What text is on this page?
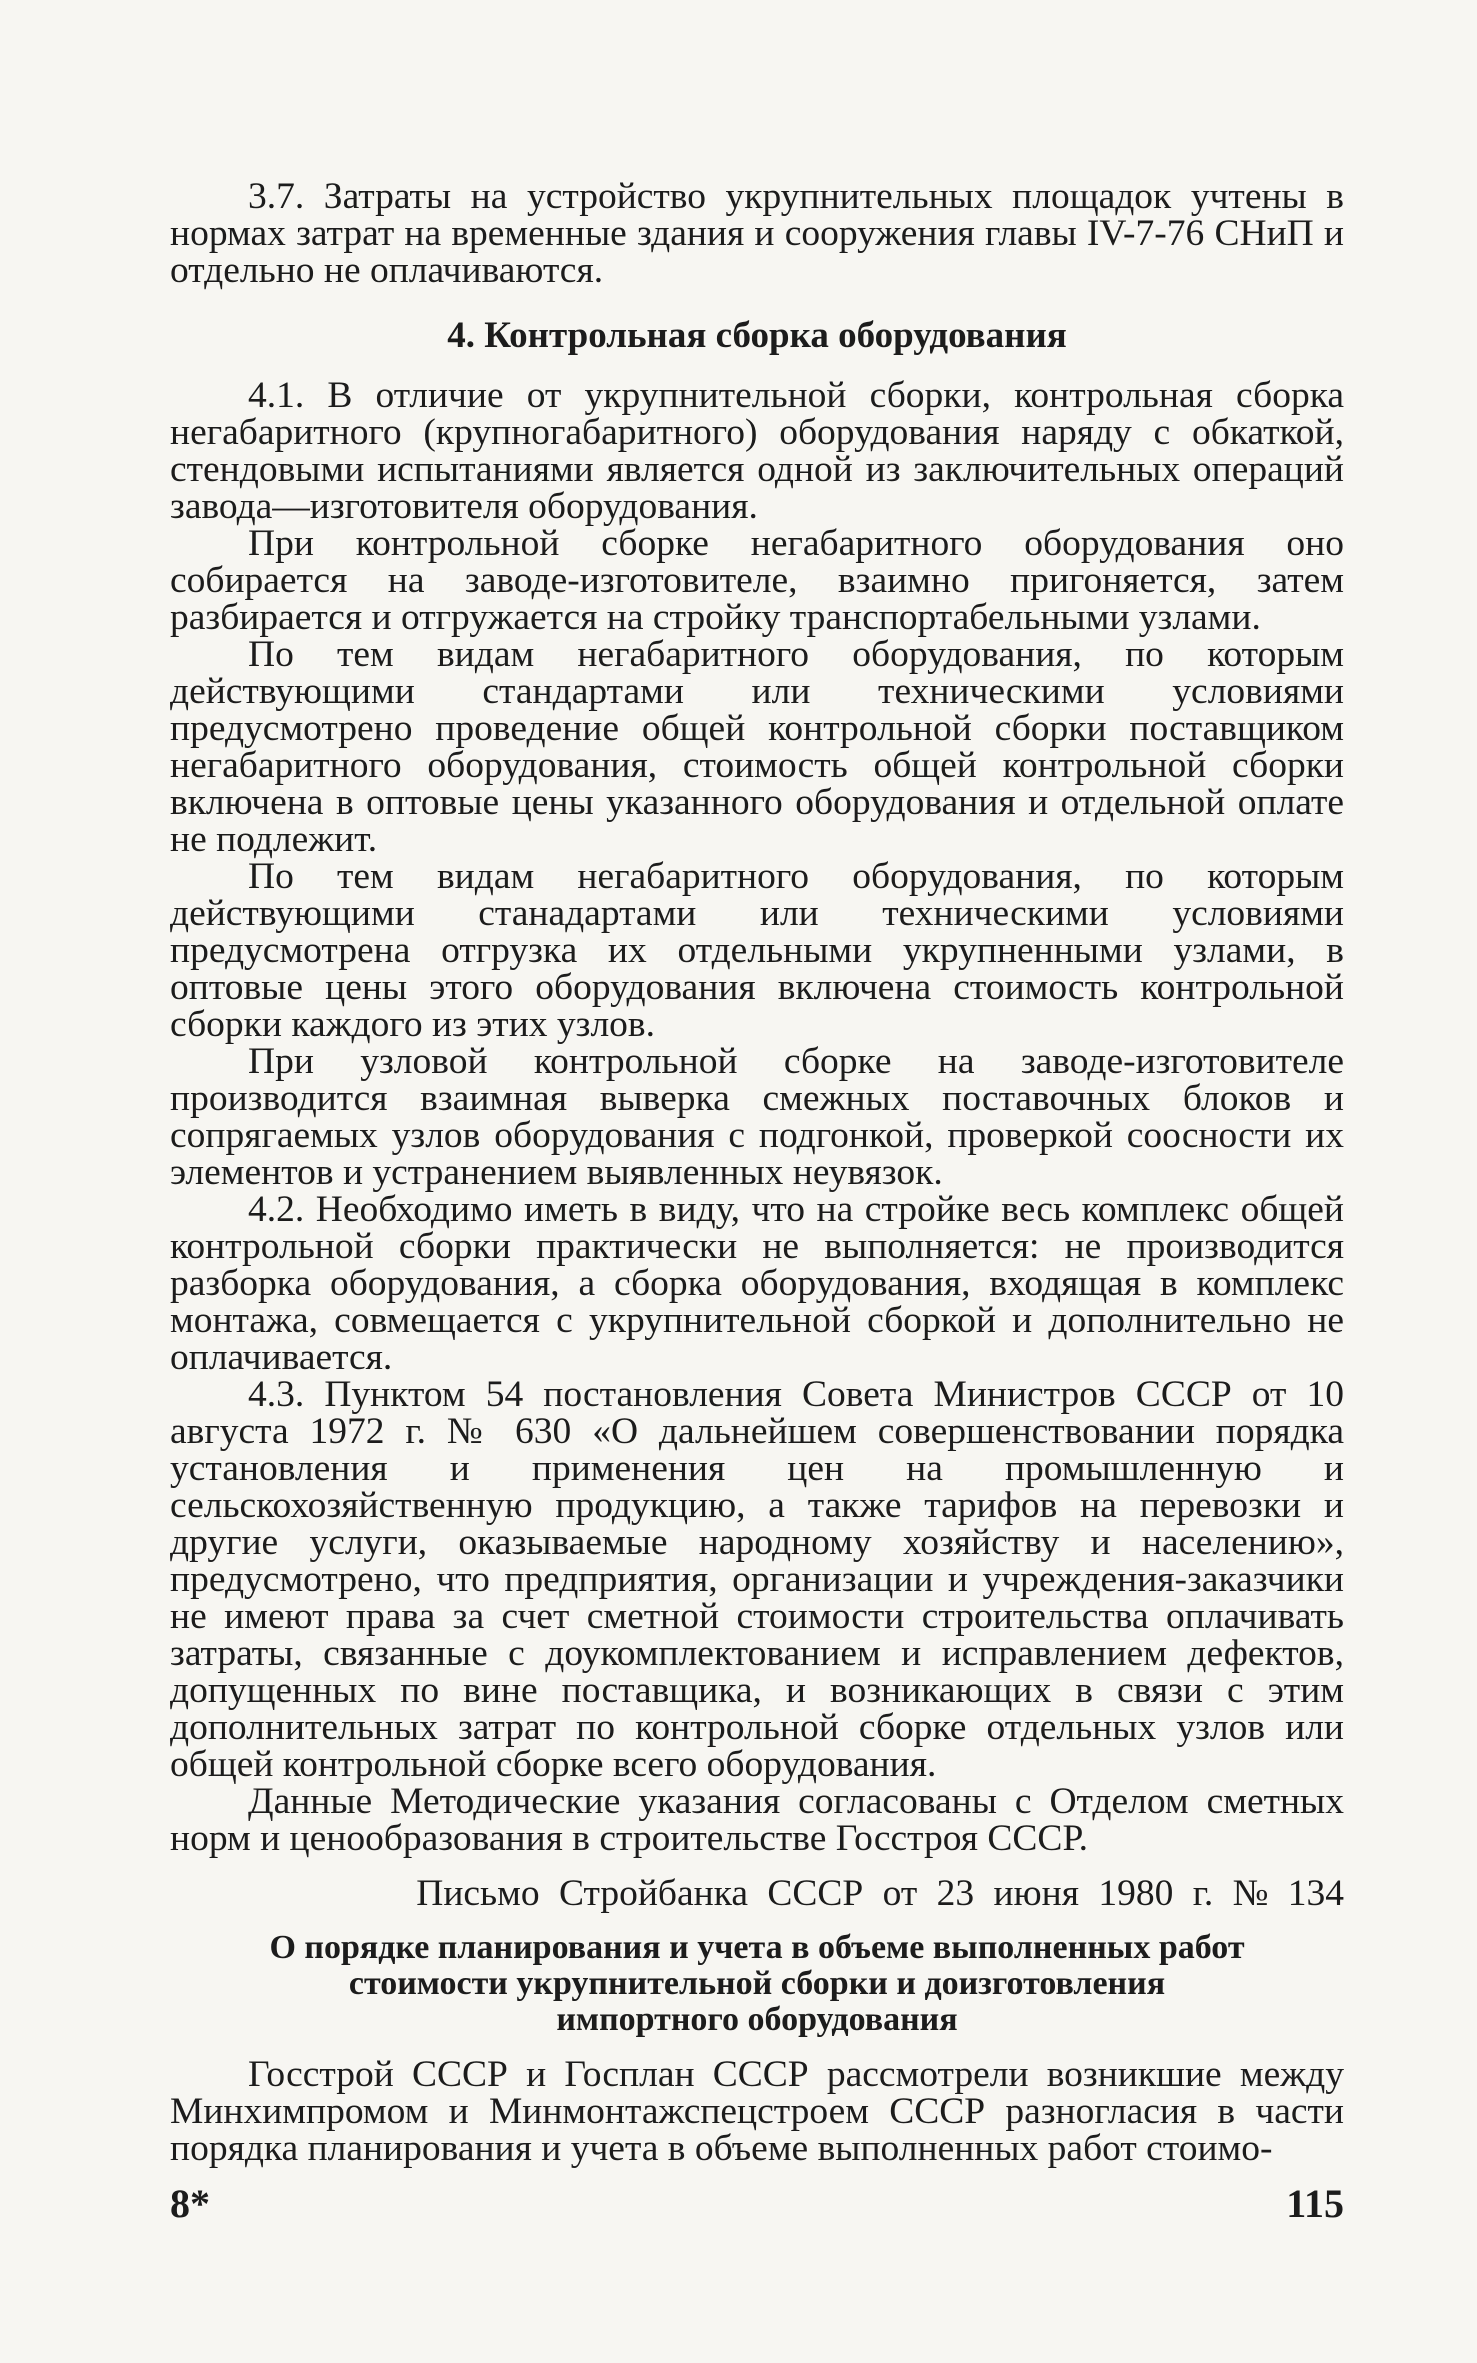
3.7. Затраты на устройство укрупнительных площадок учтены в нормах затрат на временные здания и сооружения главы IV-7-76 СНиП и отдельно не оплачиваются.

4. Контрольная сборка оборудования

4.1. В отличие от укрупнительной сборки, контрольная сборка негабаритного (крупногабаритного) оборудования наряду с обкаткой, стендовыми испытаниями является одной из заключительных операций завода—изготовителя оборудования.

При контрольной сборке негабаритного оборудования оно собирается на заводе-изготовителе, взаимно пригоняется, затем разбирается и отгружается на стройку транспортабельными узлами.

По тем видам негабаритного оборудования, по которым действующими стандартами или техническими условиями предусмотрено проведение общей контрольной сборки поставщиком негабаритного оборудования, стоимость общей контрольной сборки включена в оптовые цены указанного оборудования и отдельной оплате не подлежит.

По тем видам негабаритного оборудования, по которым действующими станадартами или техническими условиями предусмотрена отгрузка их отдельными укрупненными узлами, в оптовые цены этого оборудования включена стоимость контрольной сборки каждого из этих узлов.

При узловой контрольной сборке на заводе-изготовителе производится взаимная выверка смежных поставочных блоков и сопрягаемых узлов оборудования с подгонкой, проверкой соосности их элементов и устранением выявленных неувязок.

4.2. Необходимо иметь в виду, что на стройке весь комплекс общей контрольной сборки практически не выполняется: не производится разборка оборудования, а сборка оборудования, входящая в комплекс монтажа, совмещается с укрупнительной сборкой и дополнительно не оплачивается.

4.3. Пунктом 54 постановления Совета Министров СССР от 10 августа 1972 г. № 630 «О дальнейшем совершенствовании порядка установления и применения цен на промышленную и сельскохозяйственную продукцию, а также тарифов на перевозки и другие услуги, оказываемые народному хозяйству и населению», предусмотрено, что предприятия, организации и учреждения-заказчики не имеют права за счет сметной стоимости строительства оплачивать затраты, связанные с доукомплектованием и исправлением дефектов, допущенных по вине поставщика, и возникающих в связи с этим дополнительных затрат по контрольной сборке отдельных узлов или общей контрольной сборке всего оборудования.

Данные Методические указания согласованы с Отделом сметных норм и ценообразования в строительстве Госстроя СССР.

Письмо Стройбанка СССР от 23 июня 1980 г. № 134

О порядке планирования и учета в объеме выполненных работ
стоимости укрупнительной сборки и доизготовления
импортного оборудования

Госстрой СССР и Госплан СССР рассмотрели возникшие между Минхимпромом и Минмонтажспецстроем СССР разногласия в части порядка планирования и учета в объеме выполненных работ стоимо-

8*	115
